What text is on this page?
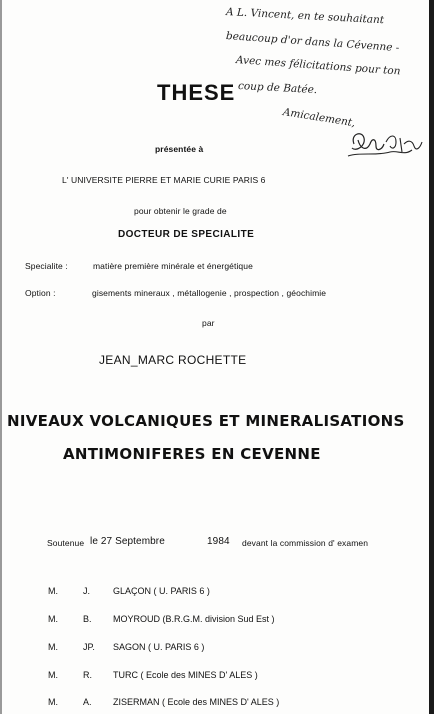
A L. Vincent, en te souhaitant
beaucoup d'or dans la Cévenne -
Avec mes félicitations pour ton
coup de Batée.
Amicalement,
THESE
présentée à
L' UNIVERSITE PIERRE ET MARIE CURIE PARIS 6
pour obtenir le grade de
DOCTEUR DE SPECIALITE
Specialite :	matière première minérale et énergétique
Option :	gisements mineraux , métallogenie , prospection , géochimie
par
JEAN_MARC ROCHETTE
NIVEAUX VOLCANIQUES ET MINERALISATIONS
ANTIMONIFERES EN CEVENNE
Soutenue le 27 Septembre	1984 devant la commission d' examen
M.	J.	GLAÇON ( U. PARIS 6 )
M.	B.	MOYROUD (B.R.G.M. division Sud Est )
M.	JP.	SAGON ( U. PARIS 6 )
M.	R.	TURC ( Ecole des MINES D' ALES )
M.	A.	ZISERMAN ( Ecole des MINES D' ALES )
